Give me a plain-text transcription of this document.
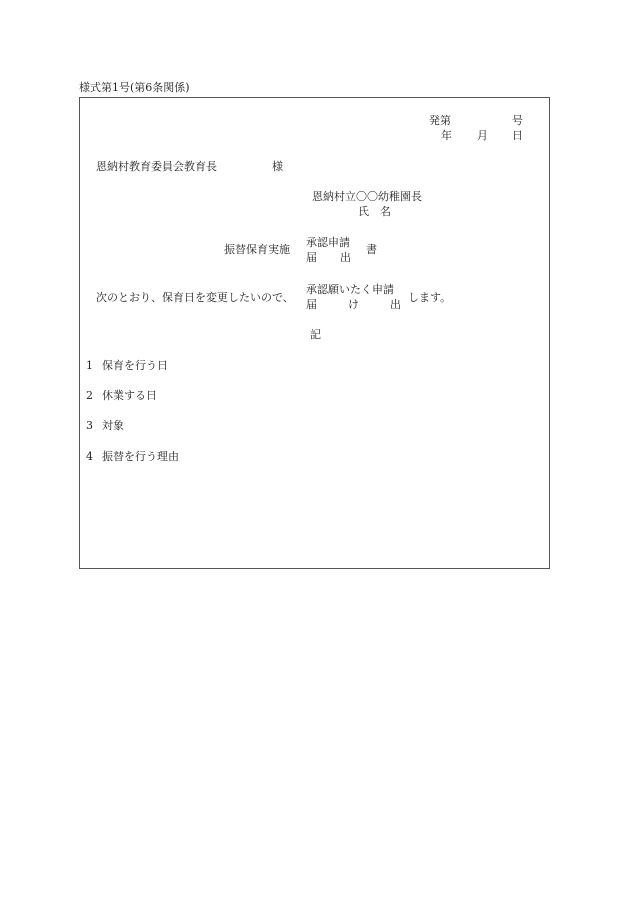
様式第1号(第6条関係)
発第	号
年 月 日
恩納村教育委員会教育長	様
恩納村立〇〇幼稚園長
氏　名
振替保育実施
承認申請
届 出
書
次のとおり、保育日を変更したいので、
承認願いたく申請
届	け	出
します。
記
1 保育を行う日
2 休業する日
3 対象
4 振替を行う理由
